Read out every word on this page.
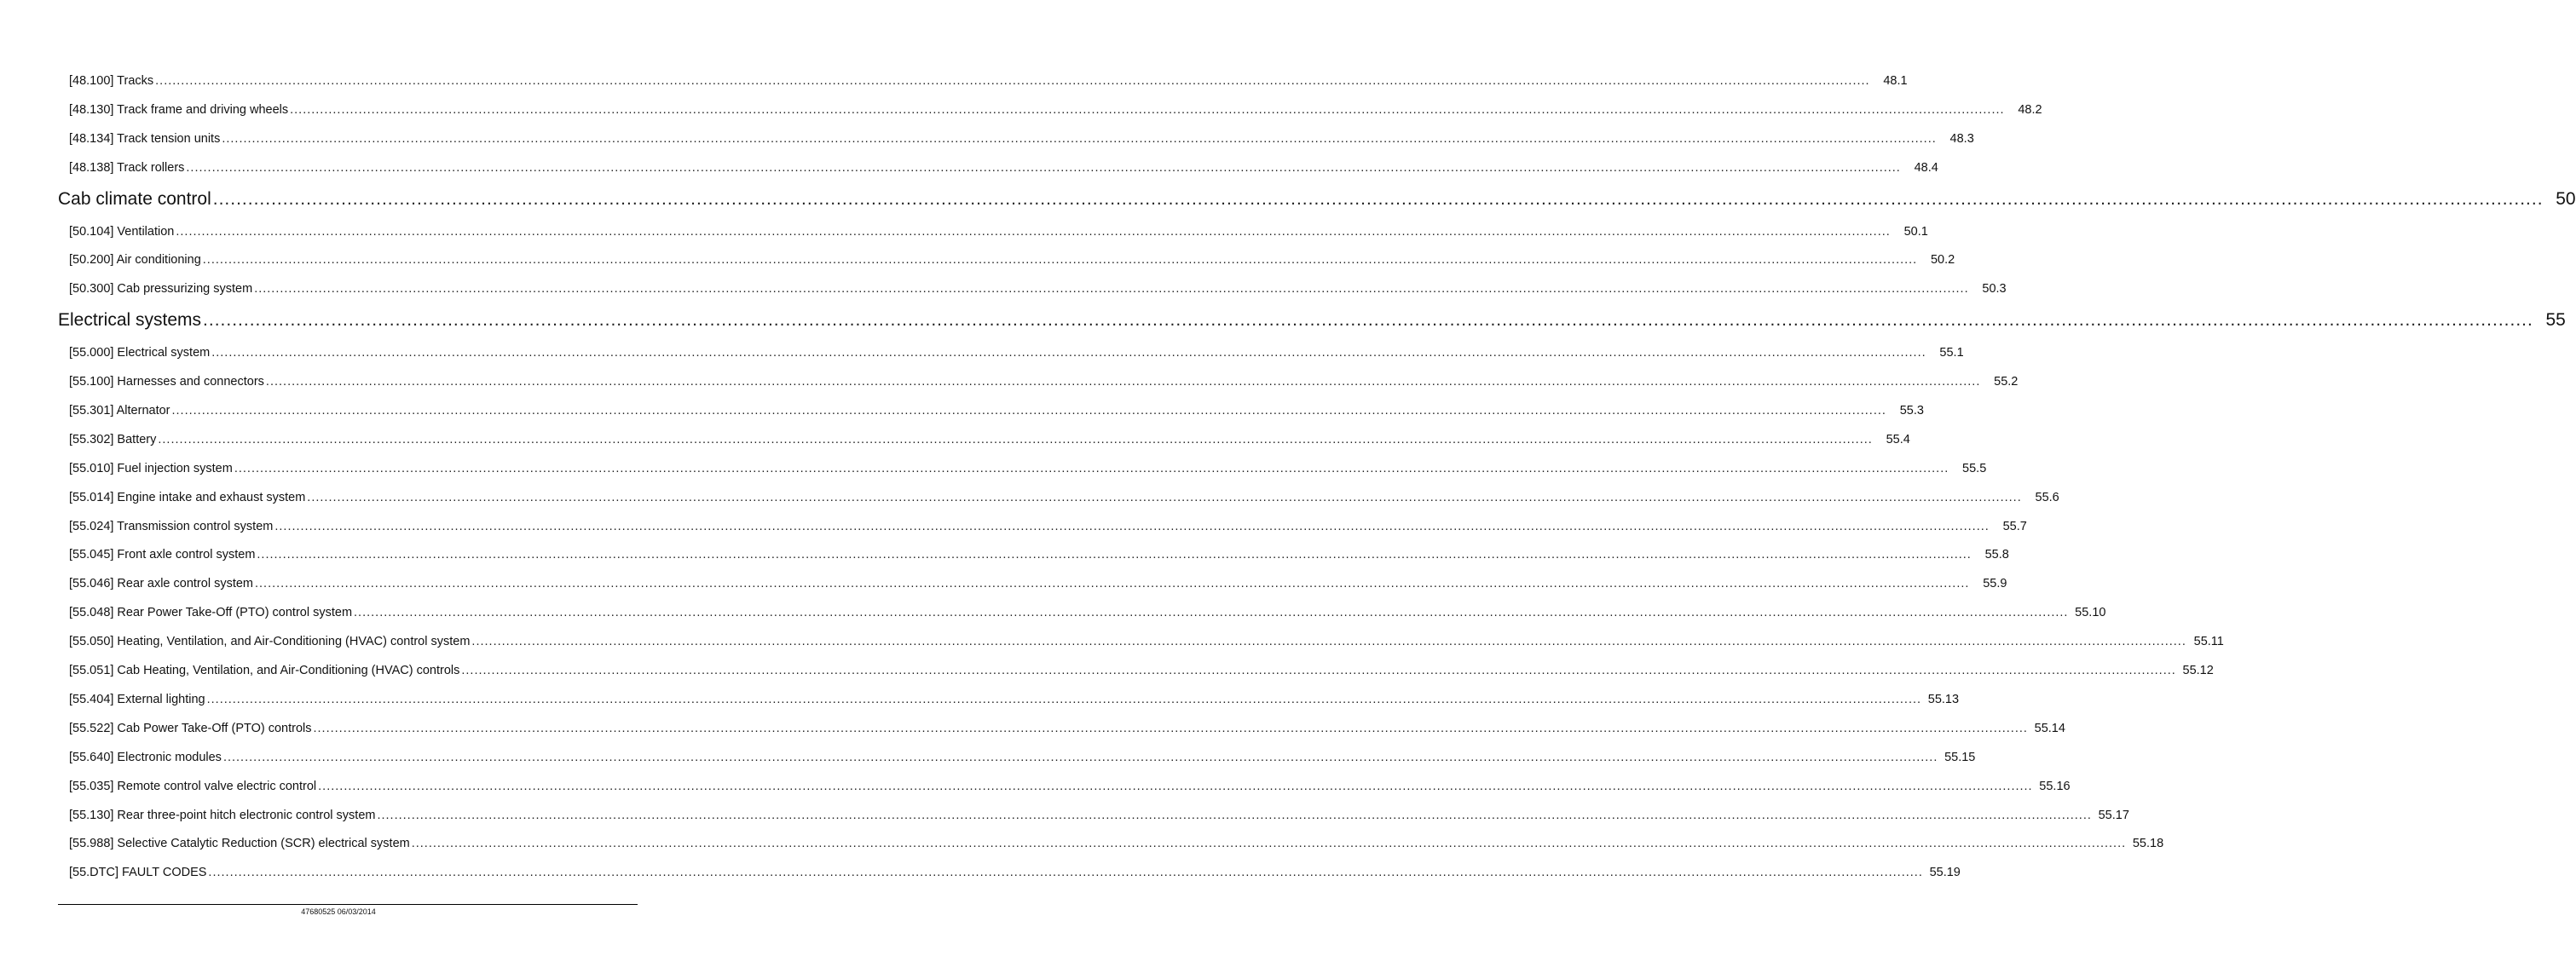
[48.100] Tracks ................................................................................................................................................................................................................................................................................................................................................................................................................	48.1
[48.130] Track frame and driving wheels ................................................................................................................................................................................................................................................................................................................................................................................................................	48.2
[48.134] Track tension units ................................................................................................................................................................................................................................................................................................................................................................................................................	48.3
[48.138] Track rollers ................................................................................................................................................................................................................................................................................................................................................................................................................	48.4
Cab climate control ................................................................................................................................................................................................................................................................................................................................................................................................................ 50
[50.104] Ventilation ................................................................................................................................................................................................................................................................................................................................................................................................................	50.1
[50.200] Air conditioning ................................................................................................................................................................................................................................................................................................................................................................................................................	50.2
[50.300] Cab pressurizing system ................................................................................................................................................................................................................................................................................................................................................................................................................	50.3
Electrical systems ................................................................................................................................................................................................................................................................................................................................................................................................................ 55
[55.000] Electrical system ................................................................................................................................................................................................................................................................................................................................................................................................................	55.1
[55.100] Harnesses and connectors ................................................................................................................................................................................................................................................................................................................................................................................................................	55.2
[55.301] Alternator ................................................................................................................................................................................................................................................................................................................................................................................................................	55.3
[55.302] Battery ................................................................................................................................................................................................................................................................................................................................................................................................................	55.4
[55.010] Fuel injection system ................................................................................................................................................................................................................................................................................................................................................................................................................	55.5
[55.014] Engine intake and exhaust system ................................................................................................................................................................................................................................................................................................................................................................................................................	55.6
[55.024] Transmission control system ................................................................................................................................................................................................................................................................................................................................................................................................................	55.7
[55.045] Front axle control system ................................................................................................................................................................................................................................................................................................................................................................................................................	55.8
[55.046] Rear axle control system ................................................................................................................................................................................................................................................................................................................................................................................................................	55.9
[55.048] Rear Power Take-Off (PTO) control system ................................................................................................................................................................................................................................................................................................................................................................................................................ 55.10
[55.050] Heating, Ventilation, and Air-Conditioning (HVAC) control system ................................................................................................................................................................................................................................................................................................................................................................................................................ 55.11
[55.051] Cab Heating, Ventilation, and Air-Conditioning (HVAC) controls ................................................................................................................................................................................................................................................................................................................................................................................................................ 55.12
[55.404] External lighting ................................................................................................................................................................................................................................................................................................................................................................................................................ 55.13
[55.522] Cab Power Take-Off (PTO) controls ................................................................................................................................................................................................................................................................................................................................................................................................................ 55.14
[55.640] Electronic modules ................................................................................................................................................................................................................................................................................................................................................................................................................ 55.15
[55.035] Remote control valve electric control ................................................................................................................................................................................................................................................................................................................................................................................................................ 55.16
[55.130] Rear three-point hitch electronic control system ................................................................................................................................................................................................................................................................................................................................................................................................................ 55.17
[55.988] Selective Catalytic Reduction (SCR) electrical system ................................................................................................................................................................................................................................................................................................................................................................................................................ 55.18
[55.DTC] FAULT CODES ................................................................................................................................................................................................................................................................................................................................................................................................................ 55.19
47680525 06/03/2014
